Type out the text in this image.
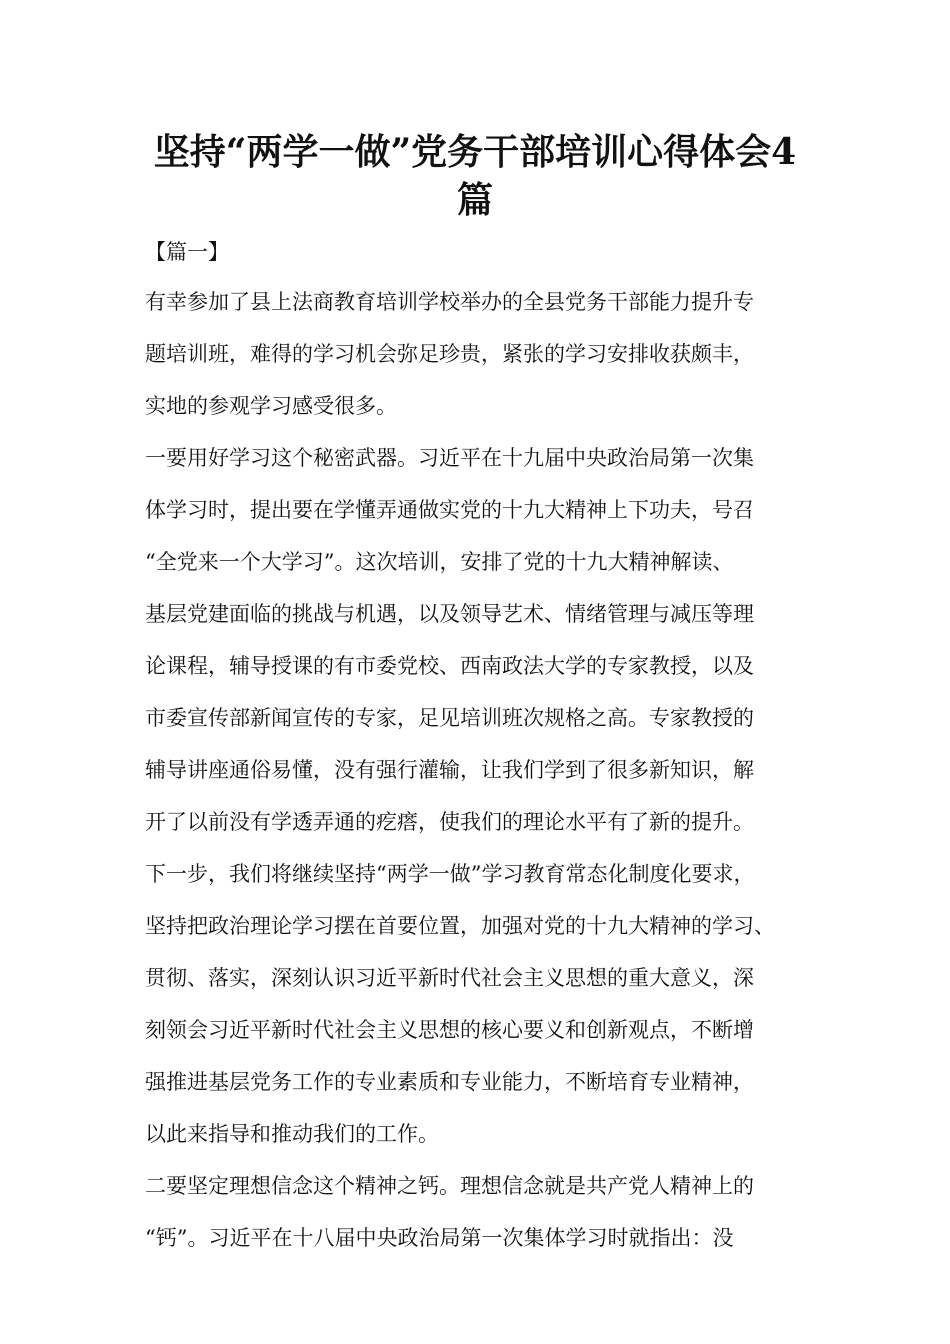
坚持“两学一做”党务干部培训心得体会4
篇
【篇一】
有幸参加了县上法商教育培训学校举办的全县党务干部能力提升专
题培训班，难得的学习机会弥足珍贵，紧张的学习安排收获颇丰，
实地的参观学习感受很多。
一要用好学习这个秘密武器。习近平在十九届中央政治局第一次集
体学习时，提出要在学懂弄通做实党的十九大精神上下功夫，号召
“全党来一个大学习”。这次培训，安排了党的十九大精神解读、
基层党建面临的挑战与机遇，以及领导艺术、情绪管理与减压等理
论课程，辅导授课的有市委党校、西南政法大学的专家教授，以及
市委宣传部新闻宣传的专家，足见培训班次规格之高。专家教授的
辅导讲座通俗易懂，没有强行灌输，让我们学到了很多新知识，解
开了以前没有学透弄通的疙瘩，使我们的理论水平有了新的提升。
下一步，我们将继续坚持“两学一做”学习教育常态化制度化要求，
坚持把政治理论学习摆在首要位置，加强对党的十九大精神的学习、
贯彻、落实，深刻认识习近平新时代社会主义思想的重大意义，深
刻领会习近平新时代社会主义思想的核心要义和创新观点，不断增
强推进基层党务工作的专业素质和专业能力，不断培育专业精神，
以此来指导和推动我们的工作。
二要坚定理想信念这个精神之钙。理想信念就是共产党人精神上的
“钙”。习近平在十八届中央政治局第一次集体学习时就指出：没
